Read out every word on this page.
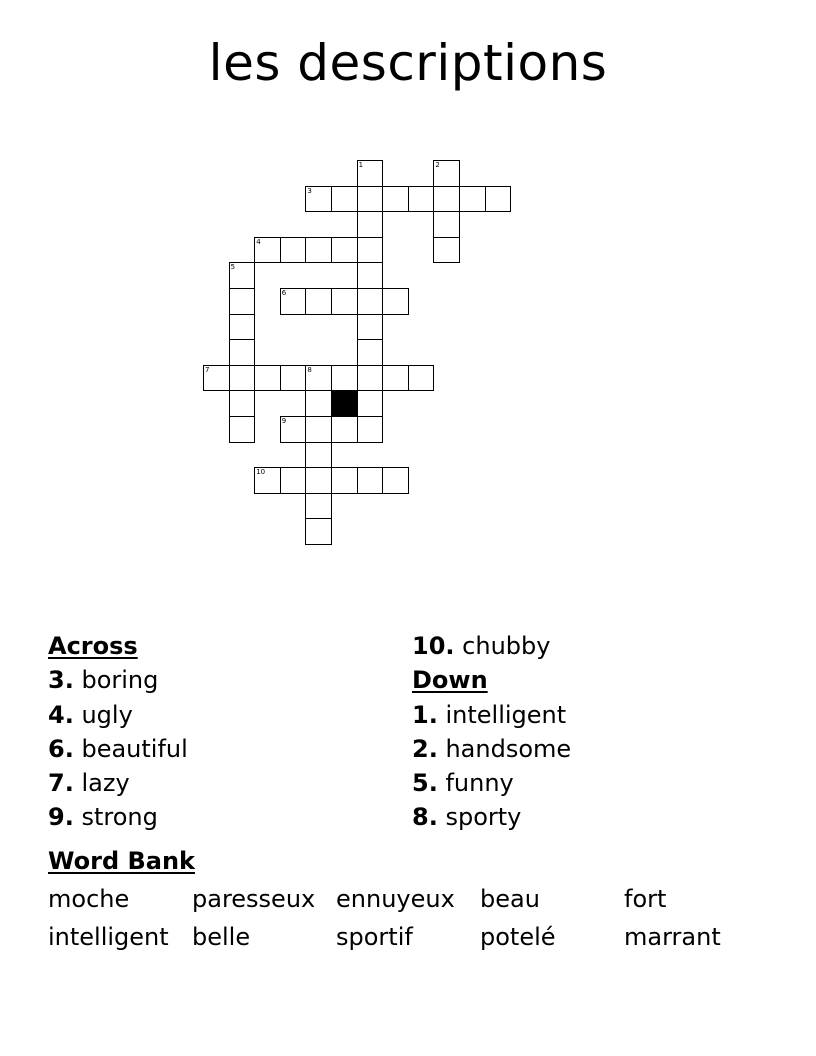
les descriptions
3
4
6
7	8
9
10
1	2
5
Across
3. boring
4. ugly
6. beautiful
7. lazy
9. strong
10. chubby
Down
1. intelligent
2. handsome
5. funny
8. sporty
Word Bank
moche	paresseux ennuyeux beau	fort
intelligent belle	sportif	potelé	marrant
